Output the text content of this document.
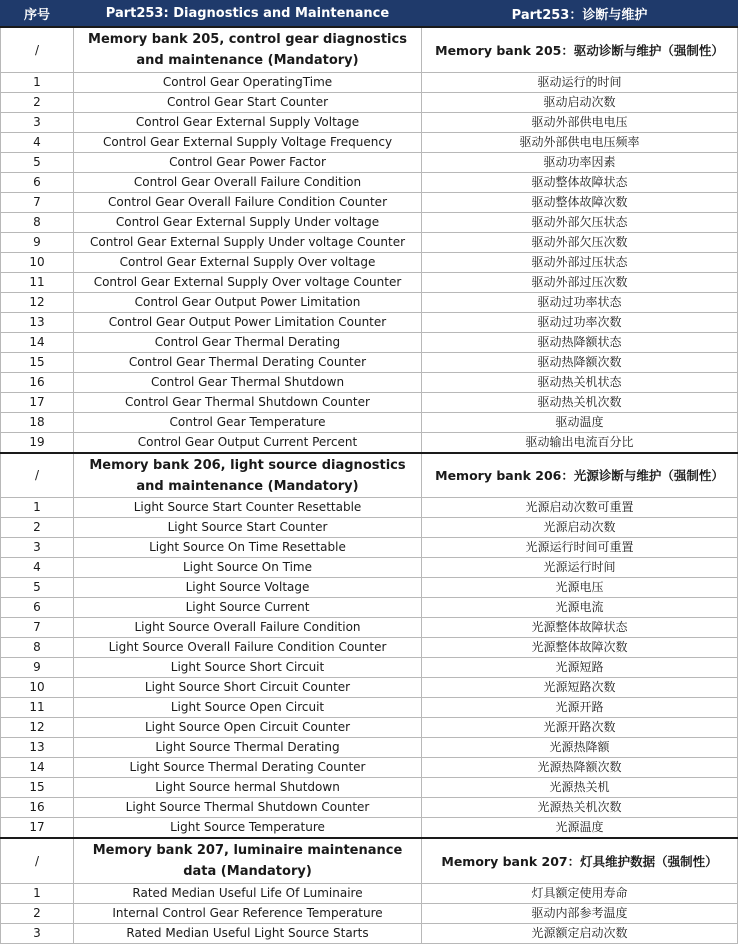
序号	Part253: Diagnostics and Maintenance	Part253：诊断与维护
/	Memory bank 205, control gear diagnostics and maintenance (Mandatory)	Memory bank 205：驱动诊断与维护（强制性）
1	Control Gear OperatingTime	驱动运行的时间
2	Control Gear Start Counter	驱动启动次数
3	Control Gear External Supply Voltage	驱动外部供电电压
4	Control Gear External Supply Voltage Frequency	驱动外部供电电压频率
5	Control Gear Power Factor	驱动功率因素
6	Control Gear Overall Failure Condition	驱动整体故障状态
7	Control Gear Overall Failure Condition Counter	驱动整体故障次数
8	Control Gear External Supply Under voltage	驱动外部欠压状态
9	Control Gear External Supply Under voltage Counter	驱动外部欠压次数
10	Control Gear External Supply Over voltage	驱动外部过压状态
11	Control Gear External Supply Over voltage Counter	驱动外部过压次数
12	Control Gear Output Power Limitation	驱动过功率状态
13	Control Gear Output Power Limitation Counter	驱动过功率次数
14	Control Gear Thermal Derating	驱动热降额状态
15	Control Gear Thermal Derating Counter	驱动热降额次数
16	Control Gear Thermal Shutdown	驱动热关机状态
17	Control Gear Thermal Shutdown Counter	驱动热关机次数
18	Control Gear Temperature	驱动温度
19	Control Gear Output Current Percent	驱动输出电流百分比
/	Memory bank 206, light source diagnostics and maintenance (Mandatory)	Memory bank 206：光源诊断与维护（强制性）
1	Light Source Start Counter Resettable	光源启动次数可重置
2	Light Source Start Counter	光源启动次数
3	Light Source On Time Resettable	光源运行时间可重置
4	Light Source On Time	光源运行时间
5	Light Source Voltage	光源电压
6	Light Source Current	光源电流
7	Light Source Overall Failure Condition	光源整体故障状态
8	Light Source Overall Failure Condition Counter	光源整体故障次数
9	Light Source Short Circuit	光源短路
10	Light Source Short Circuit Counter	光源短路次数
11	Light Source Open Circuit	光源开路
12	Light Source Open Circuit Counter	光源开路次数
13	Light Source Thermal Derating	光源热降额
14	Light Source Thermal Derating Counter	光源热降额次数
15	Light Source hermal Shutdown	光源热关机
16	Light Source Thermal Shutdown Counter	光源热关机次数
17	Light Source Temperature	光源温度
/	Memory bank 207, luminaire maintenance data (Mandatory)	Memory bank 207：灯具维护数据（强制性）
1	Rated Median Useful Life Of Luminaire	灯具额定使用寿命
2	Internal Control Gear Reference Temperature	驱动内部参考温度
3	Rated Median Useful Light Source Starts	光源额定启动次数
